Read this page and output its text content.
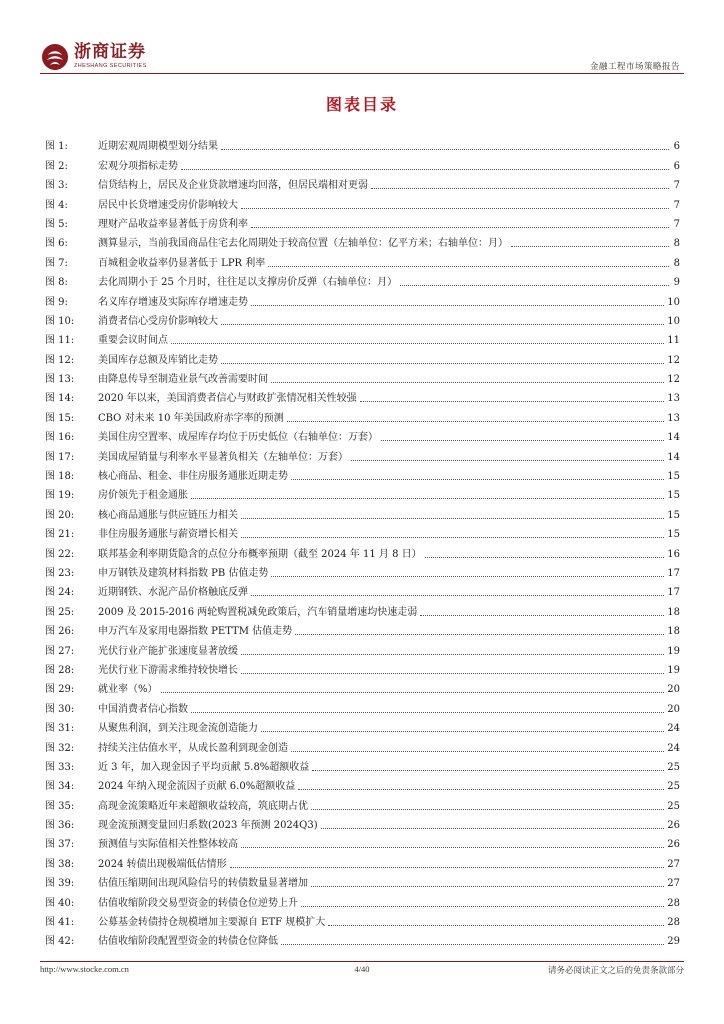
浙商证券
ZHESHANG SECURITIES	金融工程市场策略报告
图表目录
图 1:	近期宏观周期模型划分结果	6
图 2:	宏观分项指标走势	6
图 3:	信贷结构上，居民及企业贷款增速均回落，但居民端相对更弱	7
图 4:	居民中长贷增速受房价影响较大	7
图 5:	理财产品收益率显著低于房贷利率	7
图 6:	测算显示，当前我国商品住宅去化周期处于较高位置（左轴单位：亿平方米；右轴单位：月）	8
图 7:	百城租金收益率仍显著低于 LPR 利率	8
图 8:	去化周期小于 25 个月时，往往足以支撑房价反弹（右轴单位：月）	9
图 9:	名义库存增速及实际库存增速走势	10
图 10:	消费者信心受房价影响较大	10
图 11:	重要会议时间点	11
图 12:	美国库存总额及库销比走势	12
图 13:	由降息传导至制造业景气改善需要时间	12
图 14:	2020 年以来，美国消费者信心与财政扩张情况相关性较强	13
图 15:	CBO 对未来 10 年美国政府赤字率的预测	13
图 16:	美国住房空置率、成屋库存均位于历史低位（右轴单位：万套）	14
图 17:	美国成屋销量与利率水平显著负相关（左轴单位：万套）	14
图 18:	核心商品、租金、非住房服务通胀近期走势	15
图 19:	房价领先于租金通胀	15
图 20:	核心商品通胀与供应链压力相关	15
图 21:	非住房服务通胀与薪资增长相关	15
图 22:	联邦基金利率期货隐含的点位分布概率预期（截至 2024 年 11 月 8 日）	16
图 23:	申万钢铁及建筑材料指数 PB 估值走势	17
图 24:	近期钢铁、水泥产品价格触底反弹	17
图 25:	2009 及 2015-2016 两轮购置税减免政策后，汽车销量增速均快速走弱	18
图 26:	申万汽车及家用电器指数 PETTM 估值走势	18
图 27:	光伏行业产能扩张速度显著放缓	19
图 28:	光伏行业下游需求维持较快增长	19
图 29:	就业率（%）	20
图 30:	中国消费者信心指数	20
图 31:	从聚焦利润，到关注现金流创造能力	24
图 32:	持续关注估值水平，从成长盈利到现金创造	24
图 33:	近 3 年，加入现金因子平均贡献 5.8%超额收益	25
图 34:	2024 年纳入现金流因子贡献 6.0%超额收益	25
图 35:	高现金流策略近年来超额收益较高，筑底期占优	25
图 36:	现金流预测变量回归系数(2023 年预测 2024Q3)	26
图 37:	预测值与实际值相关性整体较高	26
图 38:	2024 转债出现极端低估情形	27
图 39:	估值压缩期间出现风险信号的转债数量显著增加	27
图 40:	估值收缩阶段交易型资金的转债仓位逆势上升	28
图 41:	公募基金转债持仓规模增加主要源自 ETF 规模扩大	28
图 42:	估值收缩阶段配置型资金的转债仓位降低	29
http://www.stocke.com.cn	4/40	请务必阅读正文之后的免责条款部分
